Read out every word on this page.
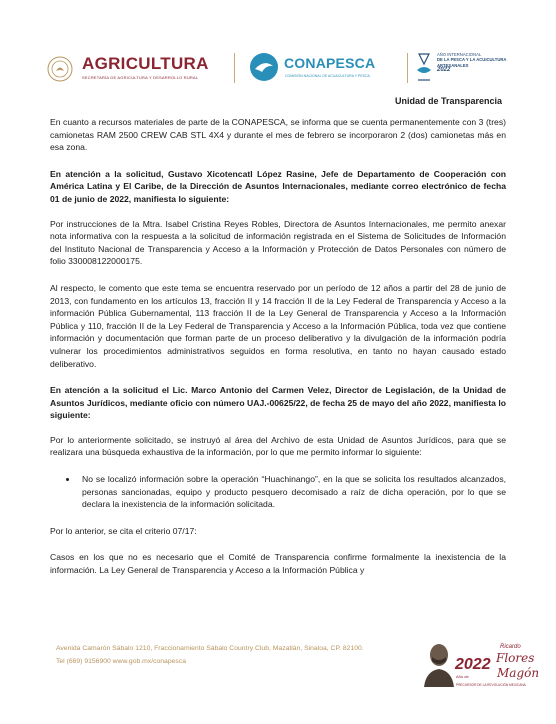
AGRICULTURA
SECRETARÍA DE AGRICULTURA Y DESARROLLO RURAL
CONAPESCA
COMISIÓN NACIONAL DE ACUACULTURA Y PESCA
AÑO INTERNACIONAL
DE LA PESCA Y LA ACUICULTURA
ARTESANALES
2022
Unidad de Transparencia

En cuanto a recursos materiales de parte de la CONAPESCA, se informa que se cuenta permanentemente con 3 (tres) camionetas RAM 2500 CREW CAB STL 4X4 y durante el mes de febrero se incorporaron 2 (dos) camionetas más en esa zona.

En atención a la solicitud, Gustavo Xicotencatl López Rasine, Jefe de Departamento de Cooperación con América Latina y El Caribe, de la Dirección de Asuntos Internacionales, mediante correo electrónico de fecha 01 de junio de 2022, manifiesta lo siguiente:

Por instrucciones de la Mtra. Isabel Cristina Reyes Robles, Directora de Asuntos Internacionales, me permito anexar nota informativa con la respuesta a la solicitud de información registrada en el Sistema de Solicitudes de Información del Instituto Nacional de Transparencia y Acceso a la Información y Protección de Datos Personales con número de folio 330008122000175.

Al respecto, le comento que este tema se encuentra reservado por un período de 12 años a partir del 28 de junio de 2013, con fundamento en los artículos 13, fracción II y 14 fracción II de la Ley Federal de Transparencia y Acceso a la información Pública Gubernamental, 113 fracción II de la Ley General de Transparencia y Acceso a la Información Pública y 110, fracción II de la Ley Federal de Transparencia y Acceso a la Información Pública, toda vez que contiene información y documentación que forman parte de un proceso deliberativo y la divulgación de la información podría vulnerar los procedimientos administrativos seguidos en forma resolutiva, en tanto no hayan causado estado deliberativo.

En atención a la solicitud el Lic. Marco Antonio del Carmen Velez, Director de Legislación, de la Unidad de Asuntos Jurídicos, mediante oficio con número UAJ.-00625/22, de fecha 25 de mayo del año 2022, manifiesta lo siguiente:

Por lo anteriormente solicitado, se instruyó al área del Archivo de esta Unidad de Asuntos Jurídicos, para que se realizara una búsqueda exhaustiva de la información, por lo que me permito informar lo siguiente:

• No se localizó información sobre la operación “Huachinango”, en la que se solicita los resultados alcanzados, personas sancionadas, equipo y producto pesquero decomisado a raíz de dicha operación, por lo que se declara la inexistencia de la información solicitada.

Por lo anterior, se cita el criterio 07/17:

Casos en los que no es necesario que el Comité de Transparencia confirme formalmente la inexistencia de la información. La Ley General de Transparencia y Acceso a la Información Pública y

Avenida Camarón Sábalo 1210, Fraccionamiento Sábalo Country Club, Mazatlán, Sinaloa, CP. 82100.
Tel (669) 9156900 www.gob.mx/conapesca	2022
Año de
Ricardo
Flores
Magón
PRECURSOR DE LA REVOLUCIÓN MEXICANA
